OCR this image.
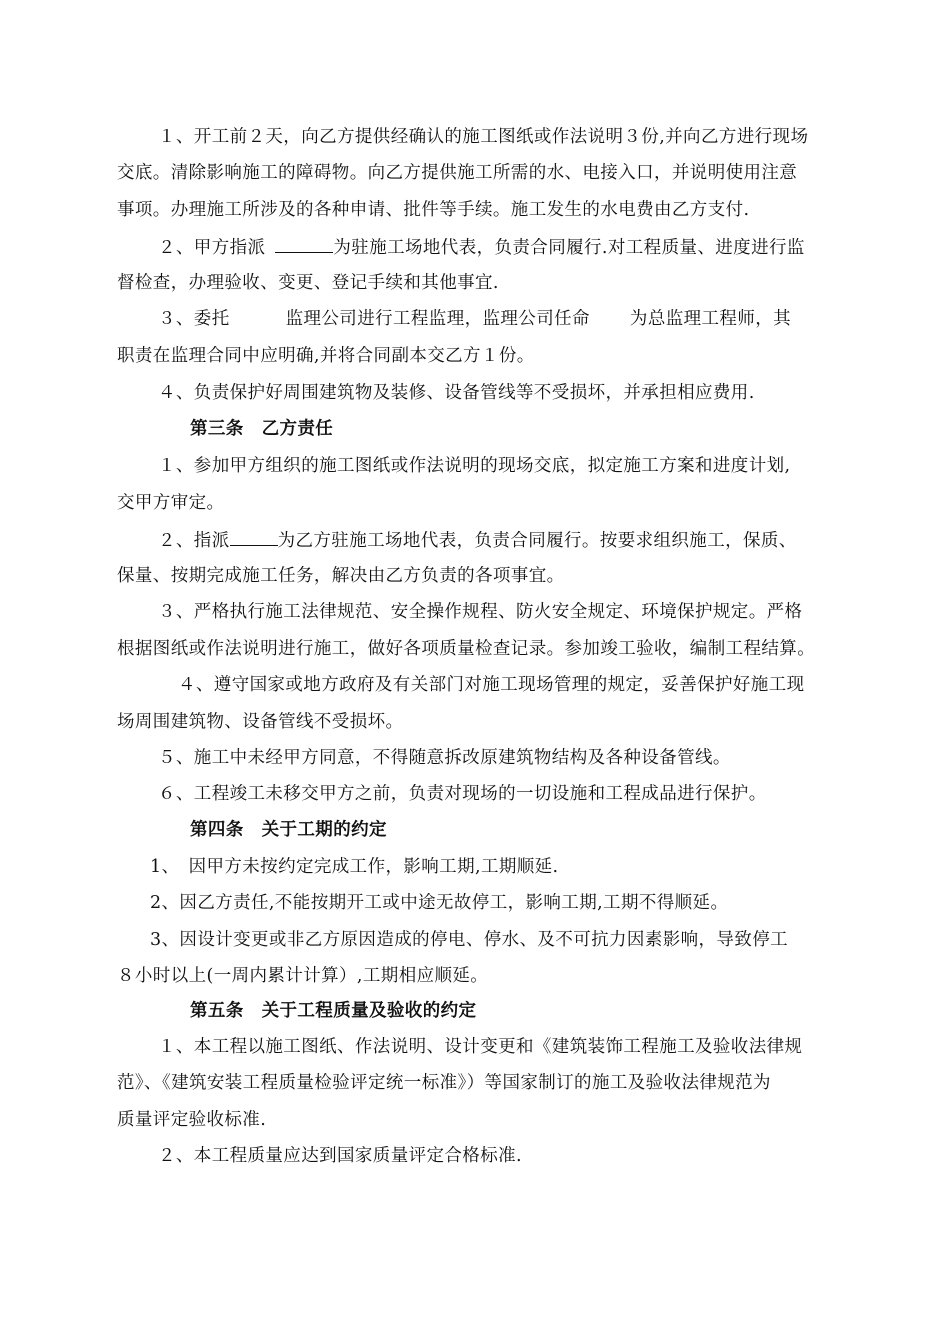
１、开工前２天，向乙方提供经确认的施工图纸或作法说明３份,并向乙方进行现场
交底。清除影响施工的障碍物。向乙方提供施工所需的水、电接入口，并说明使用注意
事项。办理施工所涉及的各种申请、批件等手续。施工发生的水电费由乙方支付.
２、甲方指派	为驻施工场地代表，负责合同履行.对工程质量、进度进行监
督检查，办理验收、变更、登记手续和其他事宜.
３、委托	监理公司进行工程监理，监理公司任命 为总监理工程师，其
职责在监理合同中应明确,并将合同副本交乙方１份。
４、负责保护好周围建筑物及装修、设备管线等不受损坏，并承担相应费用.
第三条　乙方责任
１、参加甲方组织的施工图纸或作法说明的现场交底，拟定施工方案和进度计划,
交甲方审定。
２、指派	为乙方驻施工场地代表，负责合同履行。按要求组织施工，保质、
保量、按期完成施工任务，解决由乙方负责的各项事宜。
３、严格执行施工法律规范、安全操作规程、防火安全规定、环境保护规定。严格
根据图纸或作法说明进行施工，做好各项质量检查记录。参加竣工验收，编制工程结算。
４、遵守国家或地方政府及有关部门对施工现场管理的规定，妥善保护好施工现
场周围建筑物、设备管线不受损坏。
５、施工中未经甲方同意，不得随意拆改原建筑物结构及各种设备管线。
６、工程竣工未移交甲方之前，负责对现场的一切设施和工程成品进行保护。
第四条　关于工期的约定
1、　因甲方未按约定完成工作，影响工期,工期顺延.
2、因乙方责任,不能按期开工或中途无故停工，影响工期,工期不得顺延。
3、因设计变更或非乙方原因造成的停电、停水、及不可抗力因素影响，导致停工
８小时以上(一周内累计计算）,工期相应顺延。
第五条　关于工程质量及验收的约定
１、本工程以施工图纸、作法说明、设计变更和《建筑装饰工程施工及验收法律规
范》、《建筑安装工程质量检验评定统一标准》）等国家制订的施工及验收法律规范为
质量评定验收标准.
２、本工程质量应达到国家质量评定合格标准.
